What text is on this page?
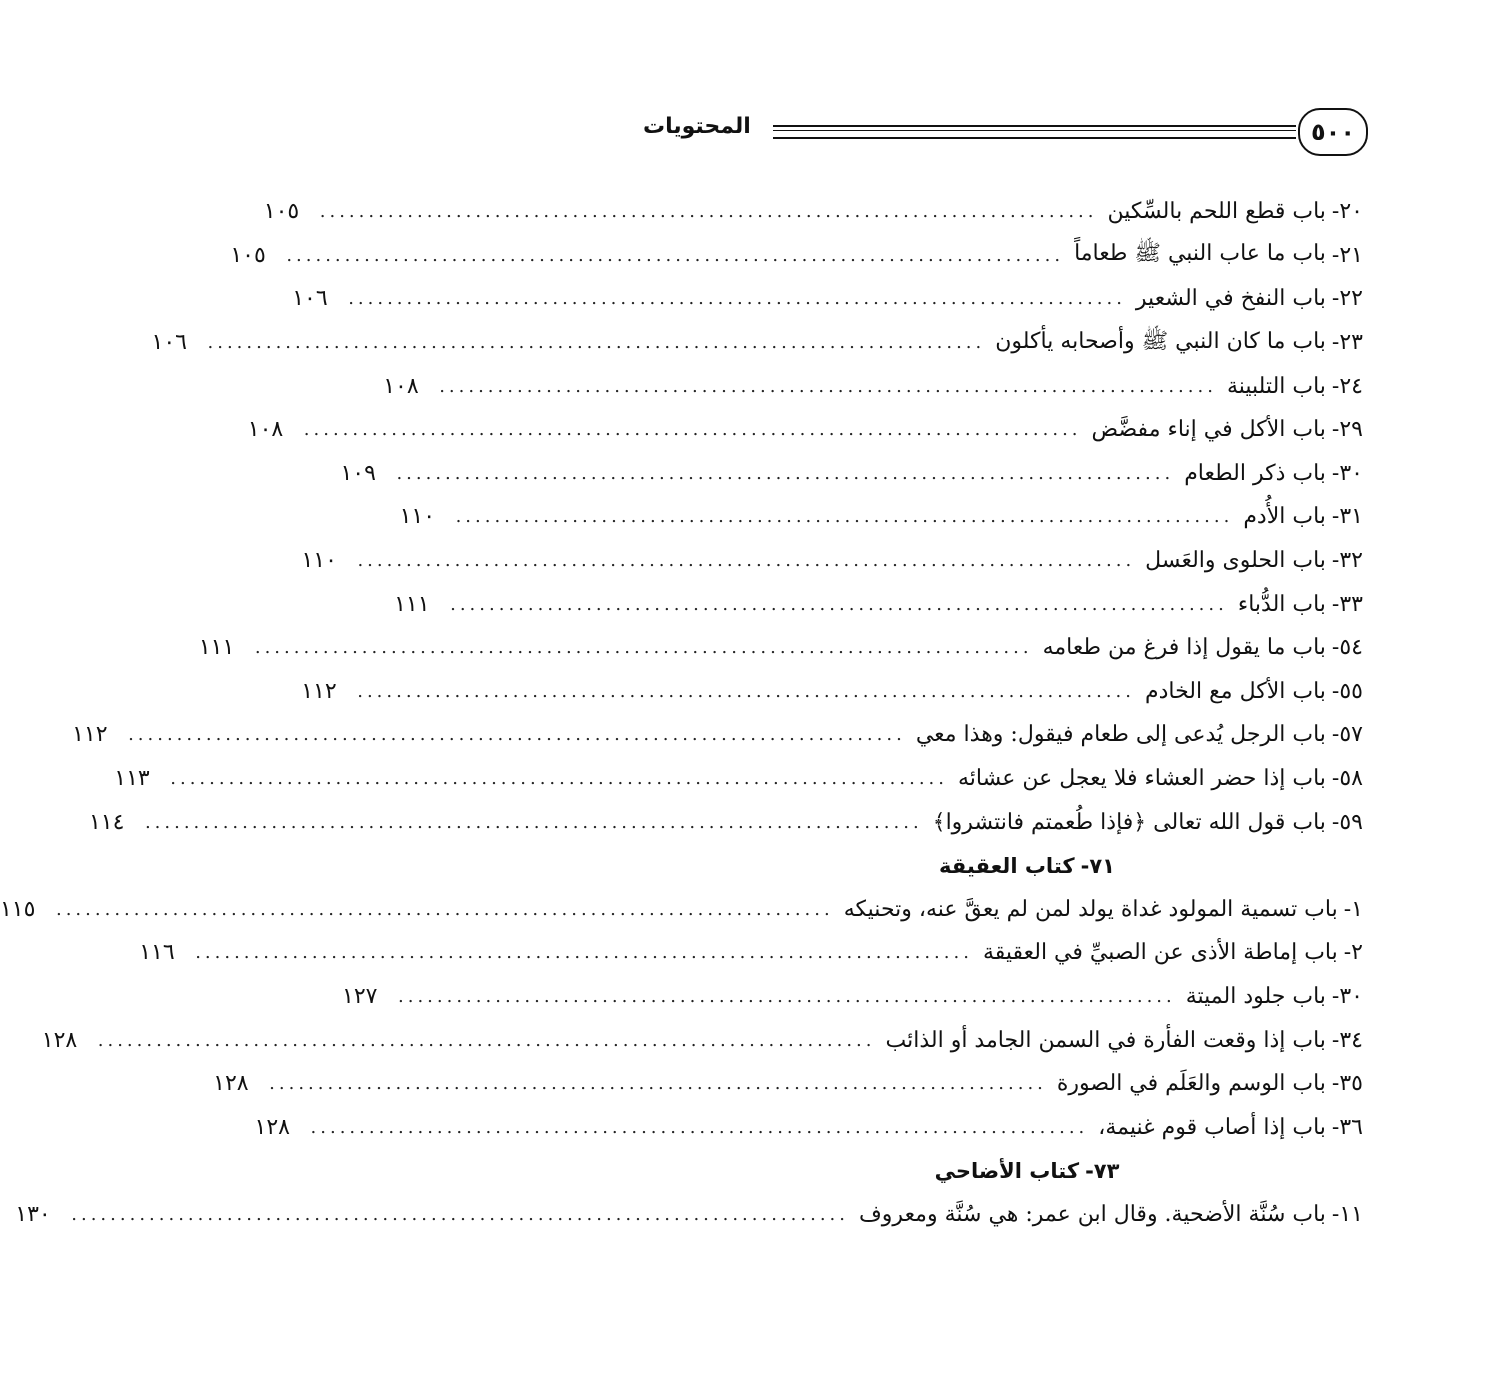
٥٠٠
المحتويات
٢٠-
باب قطع اللحم بالسِّكين
................................................................................
١٠٥
٢١-
باب ما عاب النبي ﷺ طعاماً
................................................................................
١٠٥
٢٢-
باب النفخ في الشعير
................................................................................
١٠٦
٢٣-
باب ما كان النبي ﷺ وأصحابه يأكلون
................................................................................
١٠٦
٢٤-
باب التلبينة
................................................................................
١٠٨
٢٩-
باب الأكل في إناء مفضَّض
................................................................................
١٠٨
٣٠-
باب ذكر الطعام
................................................................................
١٠٩
٣١-
باب الأُدم
................................................................................
١١٠
٣٢-
باب الحلوى والعَسل
................................................................................
١١٠
٣٣-
باب الدُّباء
................................................................................
١١١
٥٤-
باب ما يقول إذا فرغ من طعامه
................................................................................
١١١
٥٥-
باب الأكل مع الخادم
................................................................................
١١٢
٥٧-
باب الرجل يُدعى إلى طعام فيقول: وهذا معي
................................................................................
١١٢
٥٨-
باب إذا حضر العشاء فلا يعجل عن عشائه
................................................................................
١١٣
٥٩-
باب قول الله تعالى ﴿فإذا طُعمتم فانتشروا﴾
................................................................................
١١٤
٧١-
كتاب العقيقة
١-
باب تسمية المولود غداة يولد لمن لم يعقَّ عنه، وتحنيكه
................................................................................
١١٥
٢-
باب إماطة الأذى عن الصبيِّ في العقيقة
................................................................................
١١٦
٣٠-
باب جلود الميتة
................................................................................
١٢٧
٣٤-
باب إذا وقعت الفأرة في السمن الجامد أو الذائب
................................................................................
١٢٨
٣٥-
باب الوسم والعَلَم في الصورة
................................................................................
١٢٨
٣٦-
باب إذا أصاب قوم غنيمة،
................................................................................
١٢٨
٧٣-
كتاب الأضاحي
١١-
باب سُنَّة الأضحية. وقال ابن عمر: هي سُنَّة ومعروف
................................................................................
١٣٠
